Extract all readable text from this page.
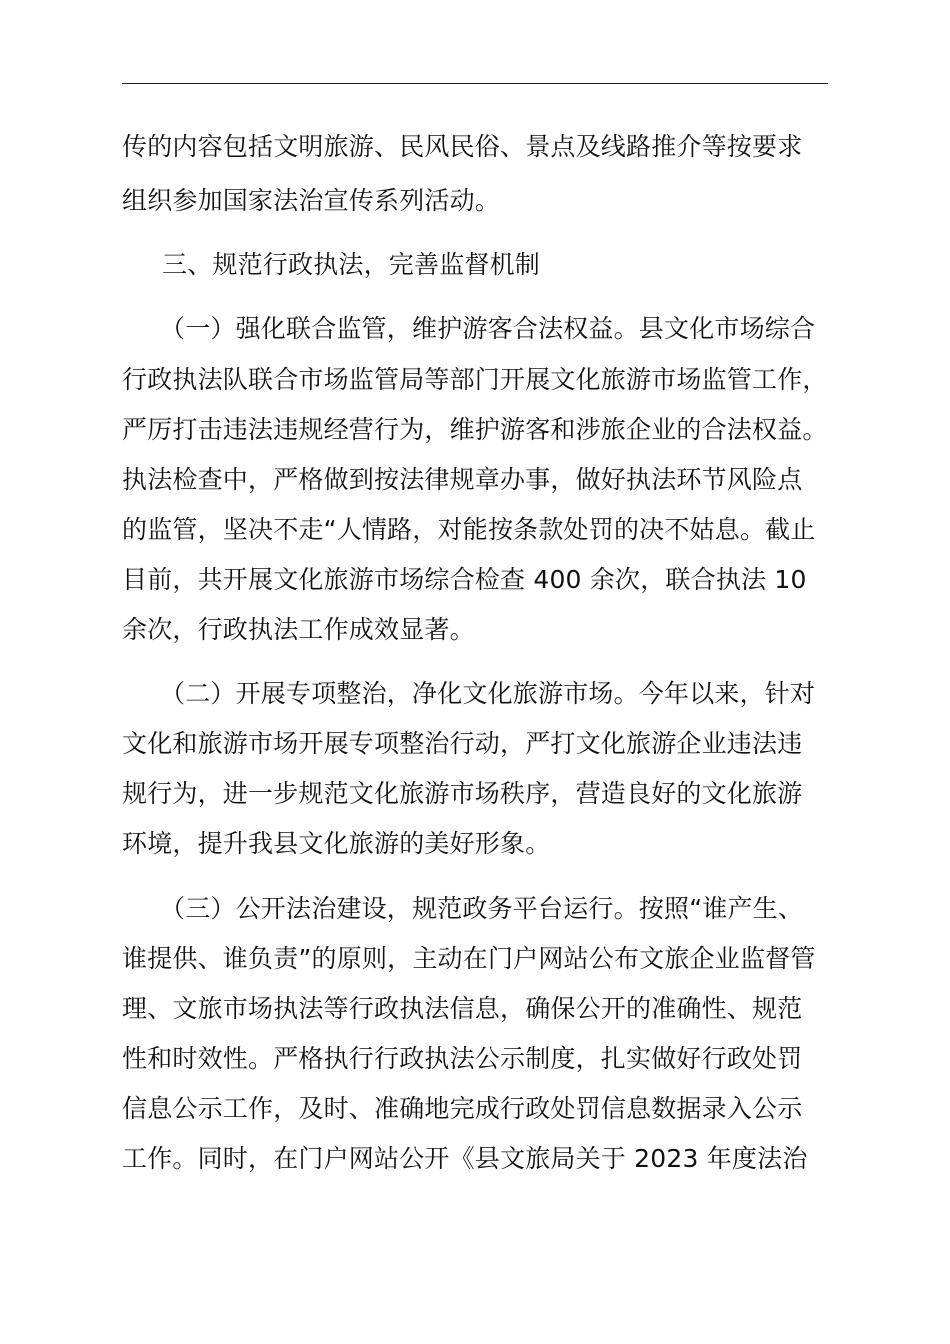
传的内容包括文明旅游、民风民俗、景点及线路推介等按要求
组织参加国家法治宣传系列活动。
三、规范行政执法，完善监督机制
（一）强化联合监管，维护游客合法权益。县文化市场综合
行政执法队联合市场监管局等部门开展文化旅游市场监管工作，
严厉打击违法违规经营行为，维护游客和涉旅企业的合法权益。
执法检查中，严格做到按法律规章办事，做好执法环节风险点
的监管，坚决不走“人情路，对能按条款处罚的决不姑息。截止
目前，共开展文化旅游市场综合检查 400 余次，联合执法 10
余次，行政执法工作成效显著。
（二）开展专项整治，净化文化旅游市场。今年以来，针对
文化和旅游市场开展专项整治行动，严打文化旅游企业违法违
规行为，进一步规范文化旅游市场秩序，营造良好的文化旅游
环境，提升我县文化旅游的美好形象。
（三）公开法治建设，规范政务平台运行。按照“谁产生、
谁提供、谁负责”的原则，主动在门户网站公布文旅企业监督管
理、文旅市场执法等行政执法信息，确保公开的准确性、规范
性和时效性。严格执行行政执法公示制度，扎实做好行政处罚
信息公示工作，及时、准确地完成行政处罚信息数据录入公示
工作。同时，在门户网站公开《县文旅局关于 2023 年度法治
